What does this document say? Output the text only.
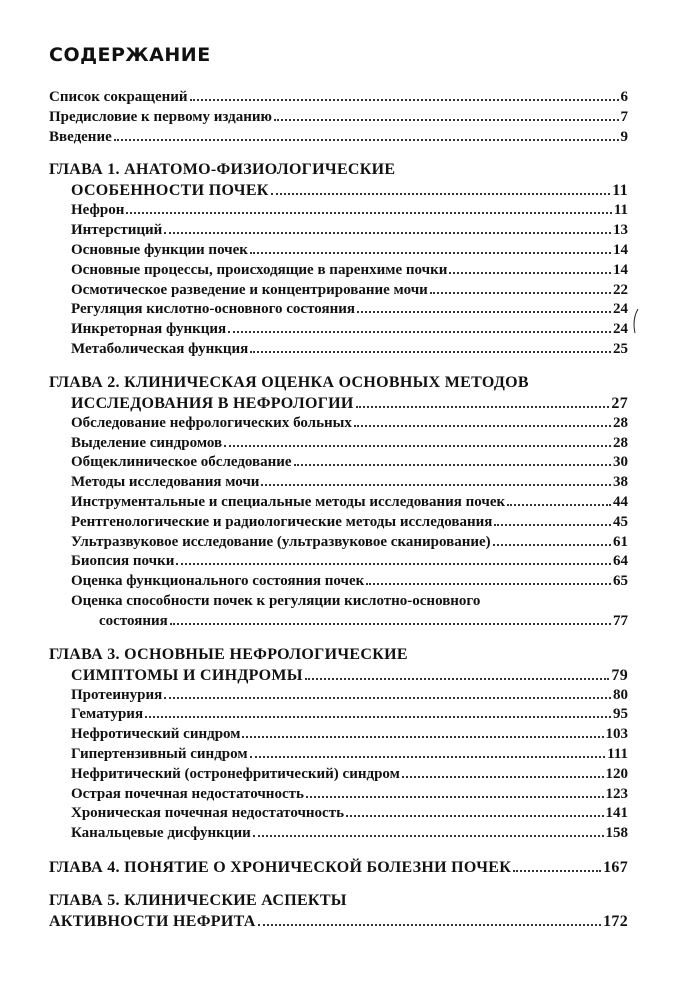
СОДЕРЖАНИЕ
Список сокращений	6
Предисловие к первому изданию	7
Введение	9
ГЛАВА 1. АНАТОМО-ФИЗИОЛОГИЧЕСКИЕ
ОСОБЕННОСТИ ПОЧЕК	11
Нефрон	11
Интерстиций	13
Основные функции почек	14
Основные процессы, происходящие в паренхиме почки	14
Осмотическое разведение и концентрирование мочи	22
Регуляция кислотно-основного состояния	24
Инкреторная функция	24
Метаболическая функция	25
ГЛАВА 2. КЛИНИЧЕСКАЯ ОЦЕНКА ОСНОВНЫХ МЕТОДОВ
ИССЛЕДОВАНИЯ В НЕФРОЛОГИИ	27
Обследование нефрологических больных	28
Выделение синдромов	28
Общеклиническое обследование	30
Методы исследования мочи	38
Инструментальные и специальные методы исследования почек	44
Рентгенологические и радиологические методы исследования	45
Ультразвуковое исследование (ультразвуковое сканирование)	61
Биопсия почки	64
Оценка функционального состояния почек	65
Оценка способности почек к регуляции кислотно-основного
состояния	77
ГЛАВА 3. ОСНОВНЫЕ НЕФРОЛОГИЧЕСКИЕ
СИМПТОМЫ И СИНДРОМЫ	79
Протеинурия	80
Гематурия	95
Нефротический синдром	103
Гипертензивный синдром	111
Нефритический (остронефритический) синдром	120
Острая почечная недостаточность	123
Хроническая почечная недостаточность	141
Канальцевые дисфункции	158
ГЛАВА 4. ПОНЯТИЕ О ХРОНИЧЕСКОЙ БОЛЕЗНИ ПОЧЕК	167
ГЛАВА 5. КЛИНИЧЕСКИЕ АСПЕКТЫ
АКТИВНОСТИ НЕФРИТА	172
